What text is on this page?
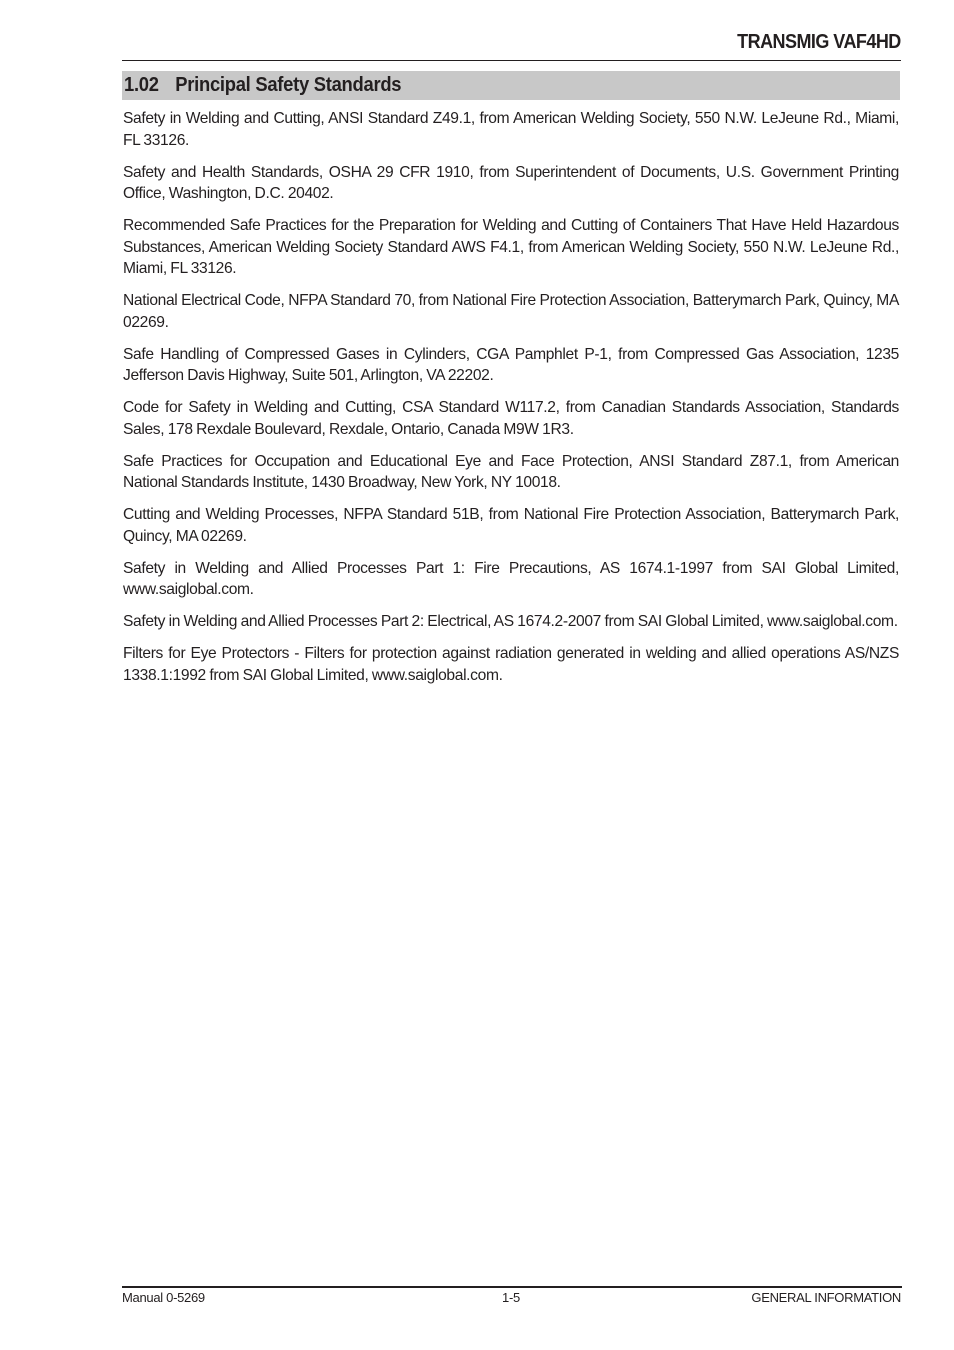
TRANSMIG VAF4HD
1.02 Principal Safety Standards

Safety in Welding and Cutting, ANSI Standard Z49.1, from American Welding Society, 550 N.W. LeJeune Rd., Miami, FL 33126.

Safety and Health Standards, OSHA 29 CFR 1910, from Superintendent of Documents, U.S. Government Printing Office, Washington, D.C. 20402.

Recommended Safe Practices for the Preparation for Welding and Cutting of Containers That Have Held Hazardous Substances, American Welding Society Standard AWS F4.1, from American Welding Society, 550 N.W. LeJeune Rd., Miami, FL 33126.

National Electrical Code, NFPA Standard 70, from National Fire Protection Association, Batterymarch Park, Quincy, MA 02269.

Safe Handling of Compressed Gases in Cylinders, CGA Pamphlet P-1, from Compressed Gas Association, 1235 Jefferson Davis Highway, Suite 501, Arlington, VA 22202.

Code for Safety in Welding and Cutting, CSA Standard W117.2, from Canadian Standards Association, Standards Sales, 178 Rexdale Boulevard, Rexdale, Ontario, Canada M9W 1R3.

Safe Practices for Occupation and Educational Eye and Face Protection, ANSI Standard Z87.1, from American National Standards Institute, 1430 Broadway, New York, NY 10018.

Cutting and Welding Processes, NFPA Standard 51B, from National Fire Protection Association, Batterymarch Park, Quincy, MA 02269.

Safety in Welding and Allied Processes Part 1: Fire Precautions, AS 1674.1-1997 from SAI Global Limited, www.saiglobal.com.

Safety in Welding and Allied Processes Part 2: Electrical, AS 1674.2-2007 from SAI Global Limited, www.saiglobal.com.

Filters for Eye Protectors - Filters for protection against radiation generated in welding and allied operations AS/NZS 1338.1:1992 from SAI Global Limited, www.saiglobal.com.

Manual 0-5269	1-5	GENERAL INFORMATION
